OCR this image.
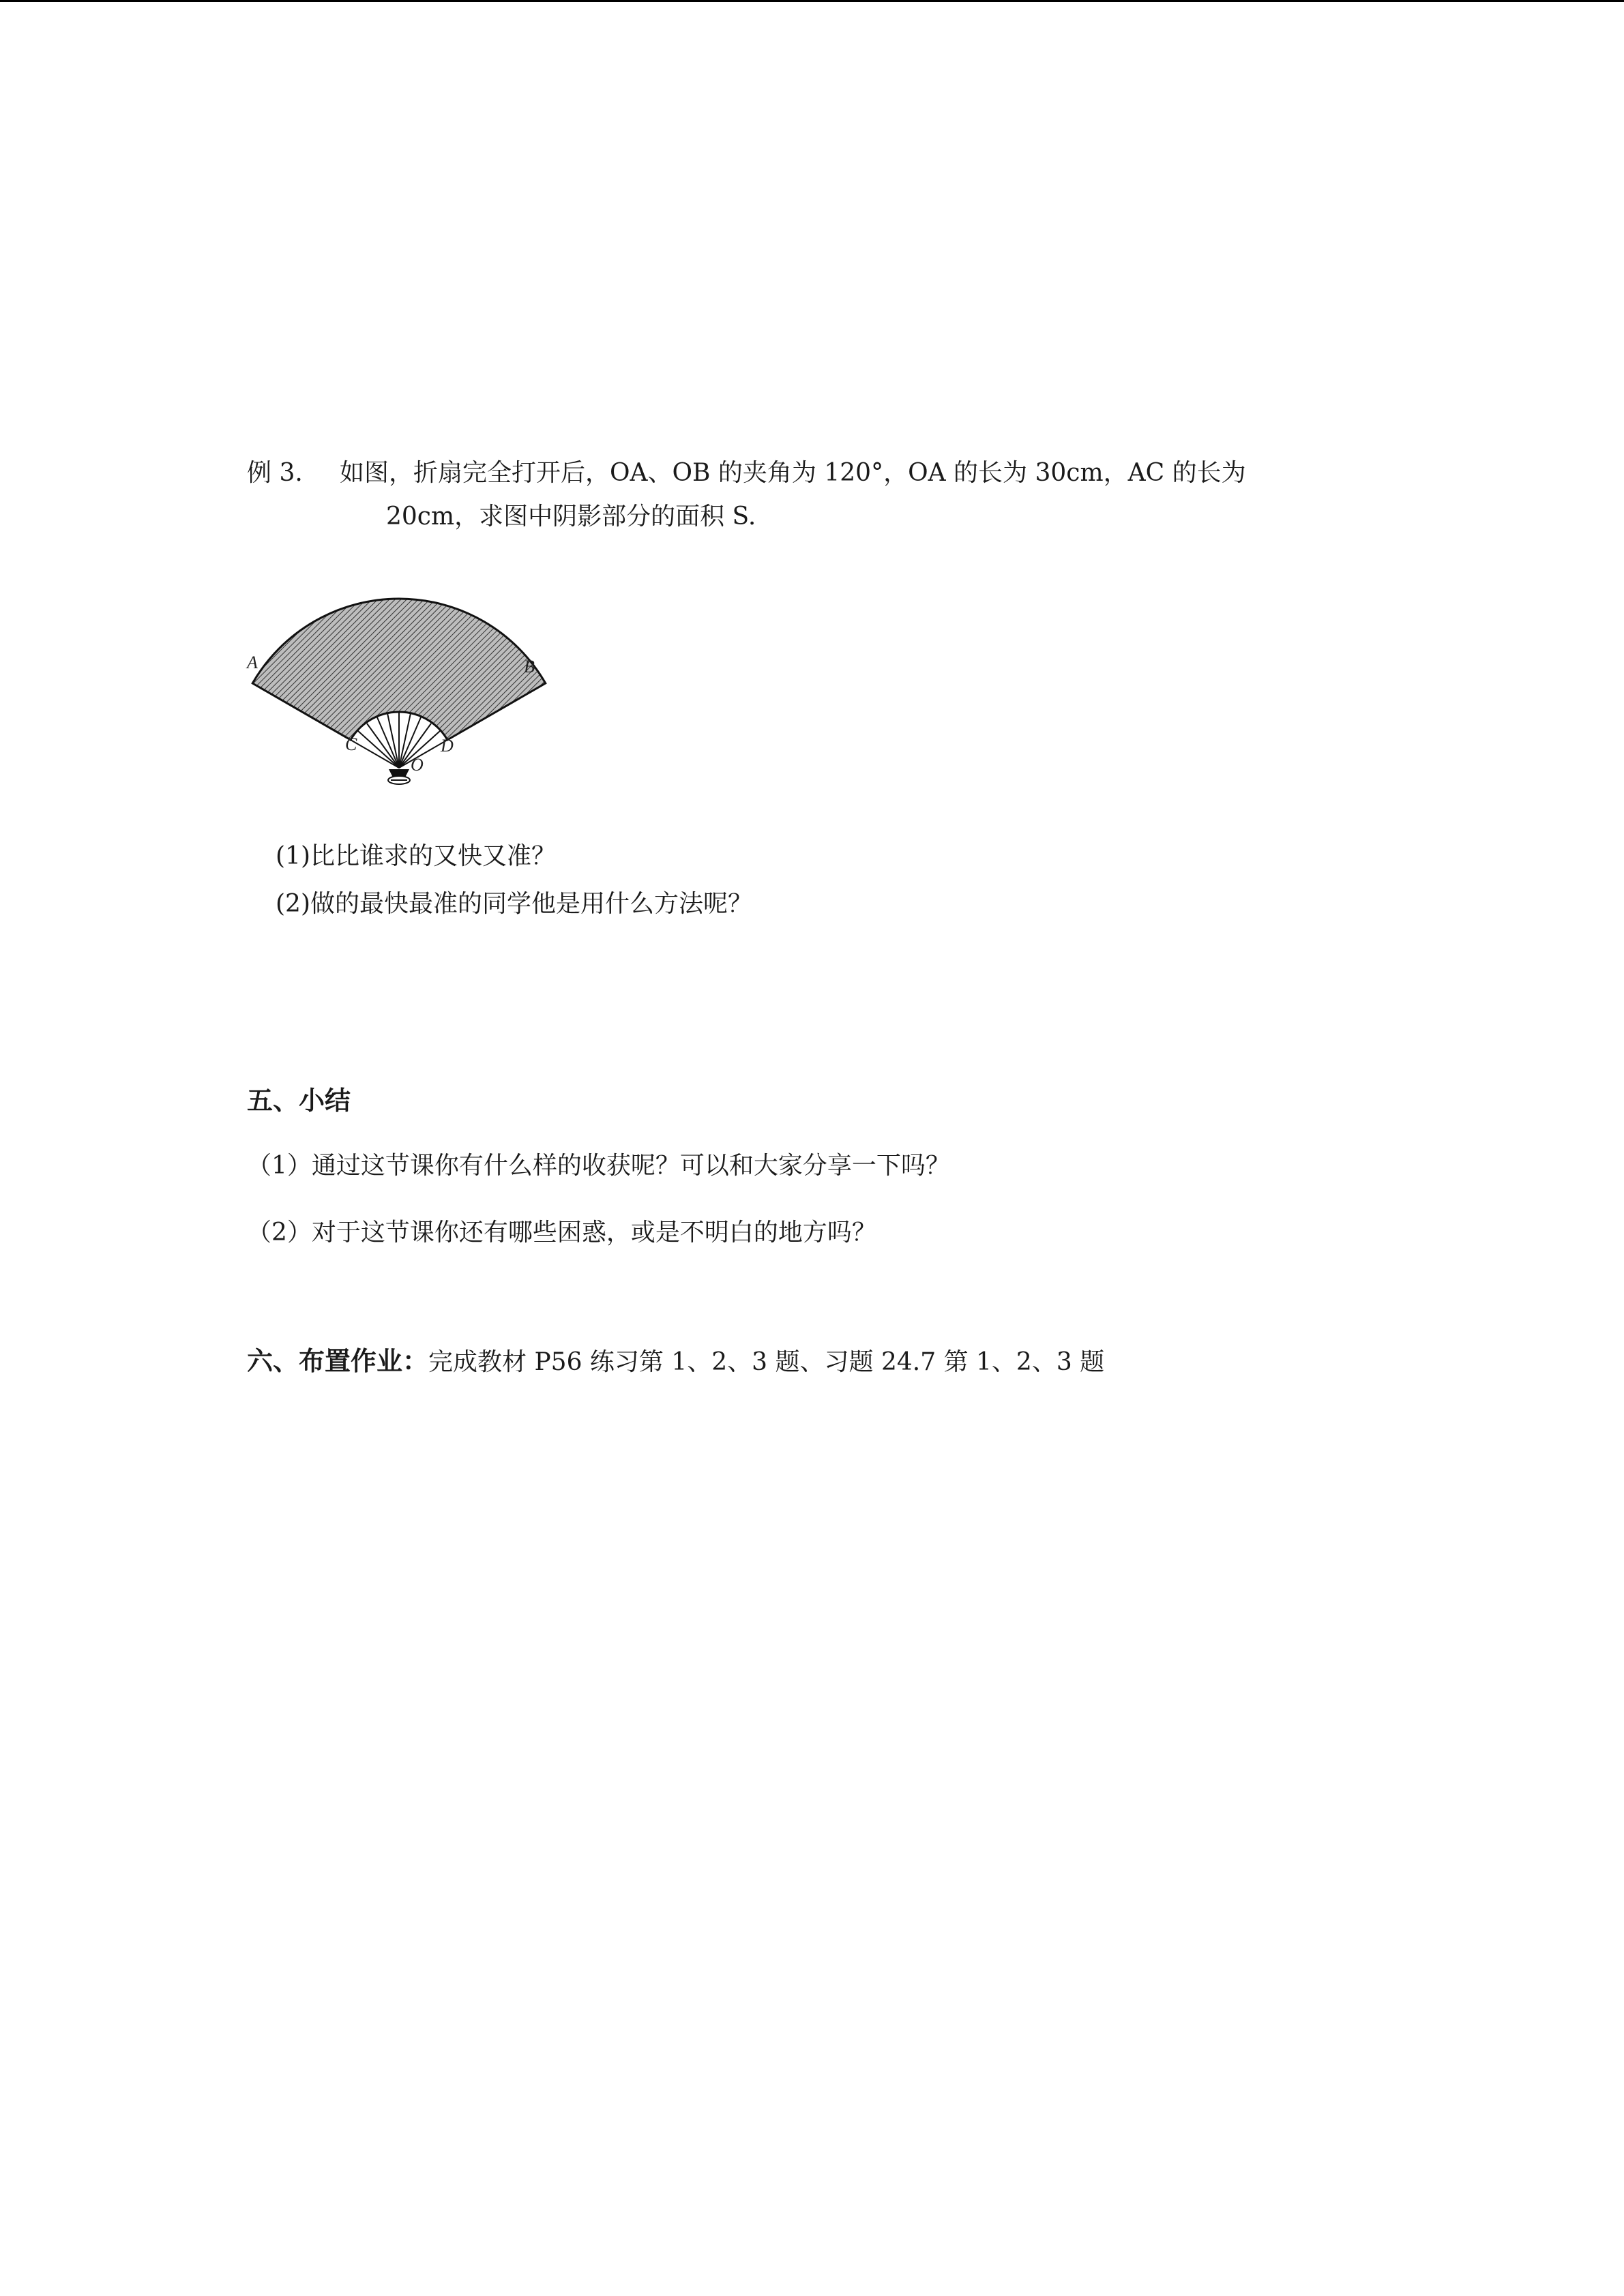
例 3. 如图，折扇完全打开后，OA、OB 的夹角为 120°，OA 的长为 30cm，AC 的长为
20cm，求图中阴影部分的面积 S.
A	B
C	D
O
(1)比比谁求的又快又准？
(2)做的最快最准的同学他是用什么方法呢？
五、小结
（1）通过这节课你有什么样的收获呢？可以和大家分享一下吗？
（2）对于这节课你还有哪些困惑，或是不明白的地方吗？
六、布置作业：完成教材 P56 练习第 1、2、3 题、习题 24.7 第 1、2、3 题
